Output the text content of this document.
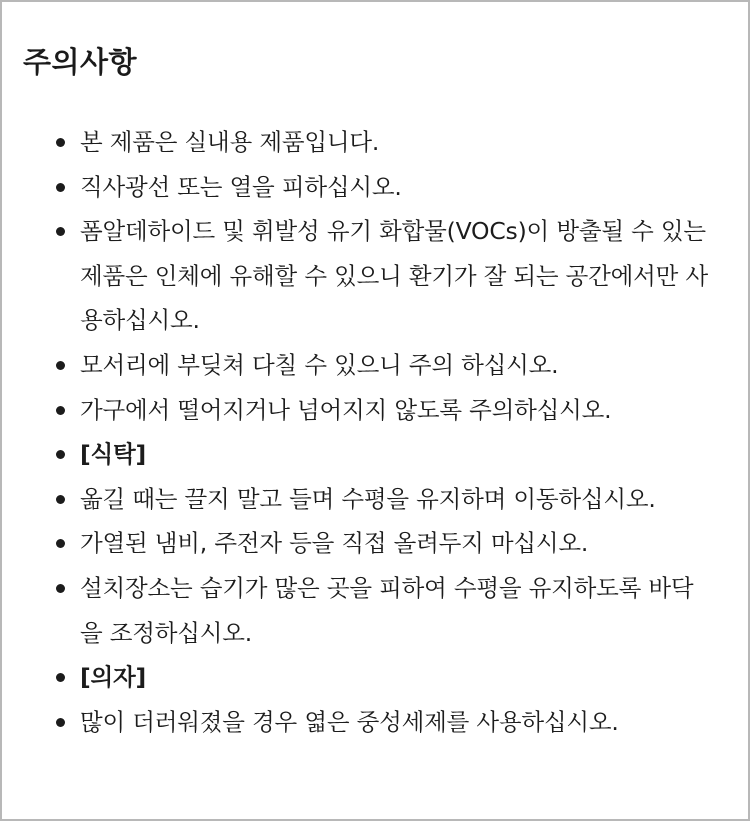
주의사항
본 제품은 실내용 제품입니다.
직사광선 또는 열을 피하십시오.
폼알데하이드 및 휘발성 유기 화합물(VOCs)이 방출될 수 있는 제품은 인체에 유해할 수 있으니 환기가 잘 되는 공간에서만 사용하십시오.
모서리에 부딪쳐 다칠 수 있으니 주의 하십시오.
가구에서 떨어지거나 넘어지지 않도록 주의하십시오.
[식탁]
옮길 때는 끌지 말고 들며 수평을 유지하며 이동하십시오.
가열된 냄비, 주전자 등을 직접 올려두지 마십시오.
설치장소는 습기가 많은 곳을 피하여 수평을 유지하도록 바닥을 조정하십시오.
[의자]
많이 더러워졌을 경우 엷은 중성세제를 사용하십시오.
